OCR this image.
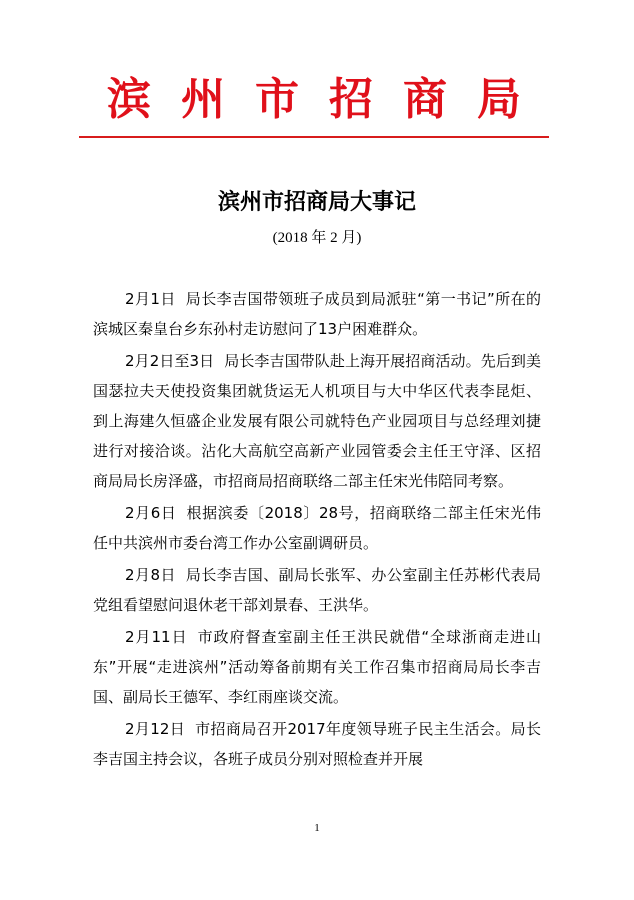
滨州市招商局
滨州市招商局大事记
(2018 年 2 月)

2月1日 局长李吉国带领班子成员到局派驻“第一书记”所在的滨城区秦皇台乡东孙村走访慰问了13户困难群众。

2月2日至3日 局长李吉国带队赴上海开展招商活动。先后到美国瑟拉夫天使投资集团就货运无人机项目与大中华区代表李昆炬、到上海建久恒盛企业发展有限公司就特色产业园项目与总经理刘捷进行对接洽谈。沾化大高航空高新产业园管委会主任王守泽、区招商局局长房泽盛，市招商局招商联络二部主任宋光伟陪同考察。

2月6日 根据滨委〔2018〕28号，招商联络二部主任宋光伟任中共滨州市委台湾工作办公室副调研员。

2月8日 局长李吉国、副局长张军、办公室副主任苏彬代表局党组看望慰问退休老干部刘景春、王洪华。

2月11日 市政府督查室副主任王洪民就借“全球浙商走进山东”开展“走进滨州”活动筹备前期有关工作召集市招商局局长李吉国、副局长王德军、李红雨座谈交流。

2月12日 市招商局召开2017年度领导班子民主生活会。局长李吉国主持会议，各班子成员分别对照检查并开展

1
